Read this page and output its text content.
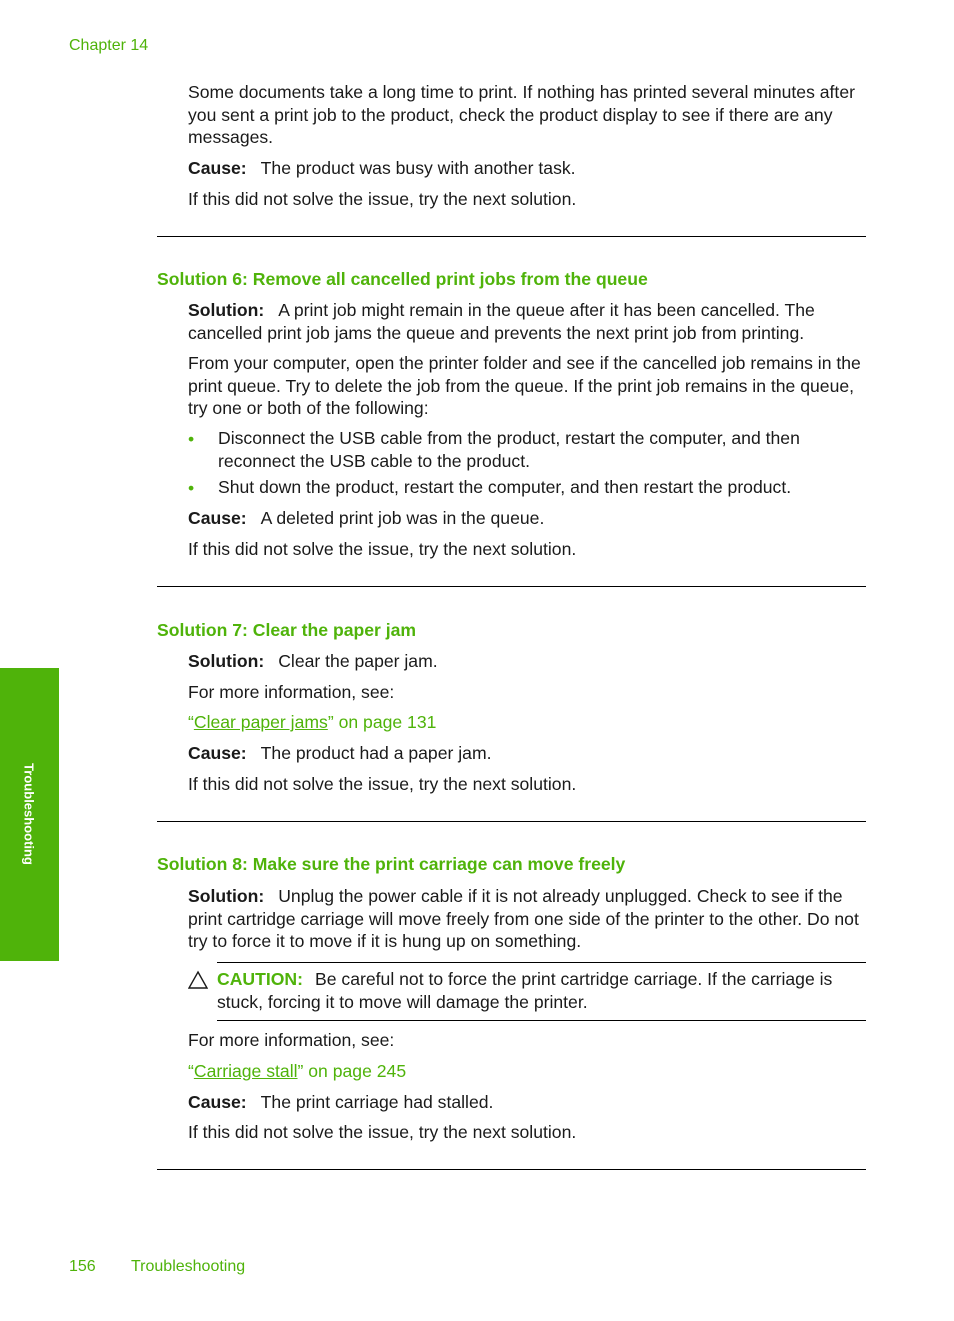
Chapter 14
Troubleshooting

Some documents take a long time to print. If nothing has printed several minutes after you sent a print job to the product, check the product display to see if there are any messages.

Cause: The product was busy with another task.

If this did not solve the issue, try the next solution.

Solution 6: Remove all cancelled print jobs from the queue

Solution: A print job might remain in the queue after it has been cancelled. The cancelled print job jams the queue and prevents the next print job from printing.

From your computer, open the printer folder and see if the cancelled job remains in the print queue. Try to delete the job from the queue. If the print job remains in the queue, try one or both of the following:

• Disconnect the USB cable from the product, restart the computer, and then reconnect the USB cable to the product.
• Shut down the product, restart the computer, and then restart the product.

Cause: A deleted print job was in the queue.

If this did not solve the issue, try the next solution.

Solution 7: Clear the paper jam

Solution: Clear the paper jam.

For more information, see:

“Clear paper jams” on page 131

Cause: The product had a paper jam.

If this did not solve the issue, try the next solution.

Solution 8: Make sure the print carriage can move freely

Solution: Unplug the power cable if it is not already unplugged. Check to see if the print cartridge carriage will move freely from one side of the printer to the other. Do not try to force it to move if it is hung up on something.

CAUTION: Be careful not to force the print cartridge carriage. If the carriage is stuck, forcing it to move will damage the printer.

For more information, see:

“Carriage stall” on page 245

Cause: The print carriage had stalled.

If this did not solve the issue, try the next solution.

156 Troubleshooting
